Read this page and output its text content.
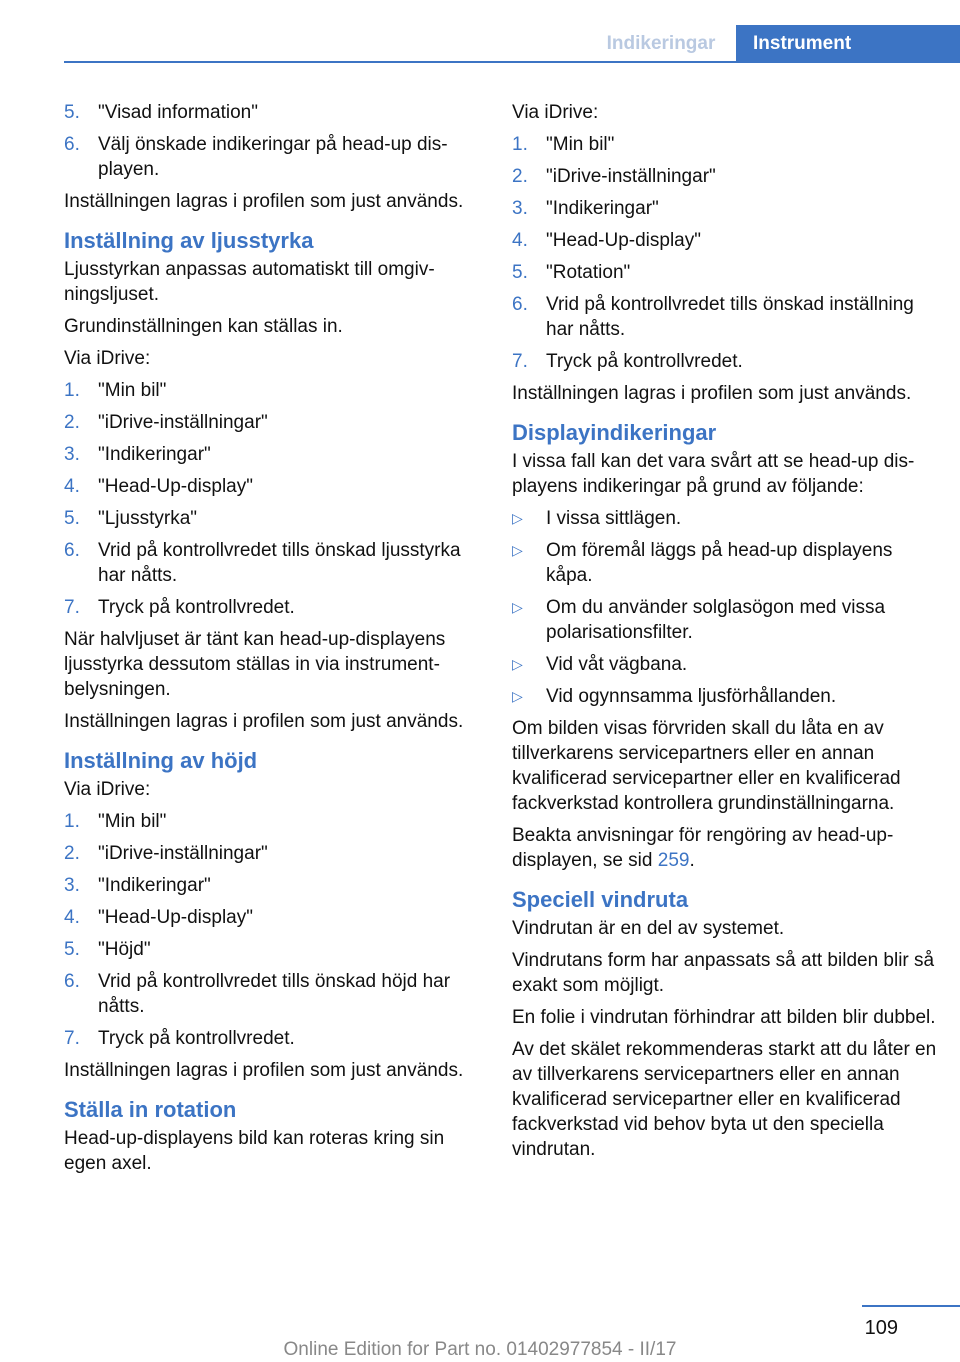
Indikeringar	Instrument
5. "Visad information"
6. Välj önskade indikeringar på head-up displayen.

Inställningen lagras i profilen som just används.

Inställning av ljusstyrka

Ljusstyrkan anpassas automatiskt till omgivningsljuset.

Grundinställningen kan ställas in.

Via iDrive:

1. "Min bil"
2. "iDrive-inställningar"
3. "Indikeringar"
4. "Head-Up-display"
5. "Ljusstyrka"
6. Vrid på kontrollvredet tills önskad ljusstyrka har nåtts.
7. Tryck på kontrollvredet.

När halvljuset är tänt kan head-up-displayens ljusstyrka dessutom ställas in via instrumentbelysningen.

Inställningen lagras i profilen som just används.

Inställning av höjd

Via iDrive:

1. "Min bil"
2. "iDrive-inställningar"
3. "Indikeringar"
4. "Head-Up-display"
5. "Höjd"
6. Vrid på kontrollvredet tills önskad höjd har nåtts.
7. Tryck på kontrollvredet.

Inställningen lagras i profilen som just används.

Ställa in rotation

Head-up-displayens bild kan roteras kring sin egen axel.

Via iDrive:

1. "Min bil"
2. "iDrive-inställningar"
3. "Indikeringar"
4. "Head-Up-display"
5. "Rotation"
6. Vrid på kontrollvredet tills önskad inställning har nåtts.
7. Tryck på kontrollvredet.

Inställningen lagras i profilen som just används.

Displayindikeringar

I vissa fall kan det vara svårt att se head-up displayens indikeringar på grund av följande:

▷	I vissa sittlägen.
▷	Om föremål läggs på head-up displayens kåpa.
▷	Om du använder solglasögon med vissa polarisationsfilter.
▷	Vid våt vägbana.
▷	Vid ogynnsamma ljusförhållanden.

Om bilden visas förvriden skall du låta en av tillverkarens servicepartners eller en annan kvalificerad servicepartner eller en kvalificerad fackverkstad kontrollera grundinställningarna.

Beakta anvisningar för rengöring av head-up-displayen, se sid 259.

Speciell vindruta

Vindrutan är en del av systemet.

Vindrutans form har anpassats så att bilden blir så exakt som möjligt.

En folie i vindrutan förhindrar att bilden blir dubbel.

Av det skälet rekommenderas starkt att du låter en av tillverkarens servicepartners eller en annan kvalificerad servicepartner eller en kvalificerad fackverkstad vid behov byta ut den speciella vindrutan.

109
Online Edition for Part no. 01402977854 - II/17
